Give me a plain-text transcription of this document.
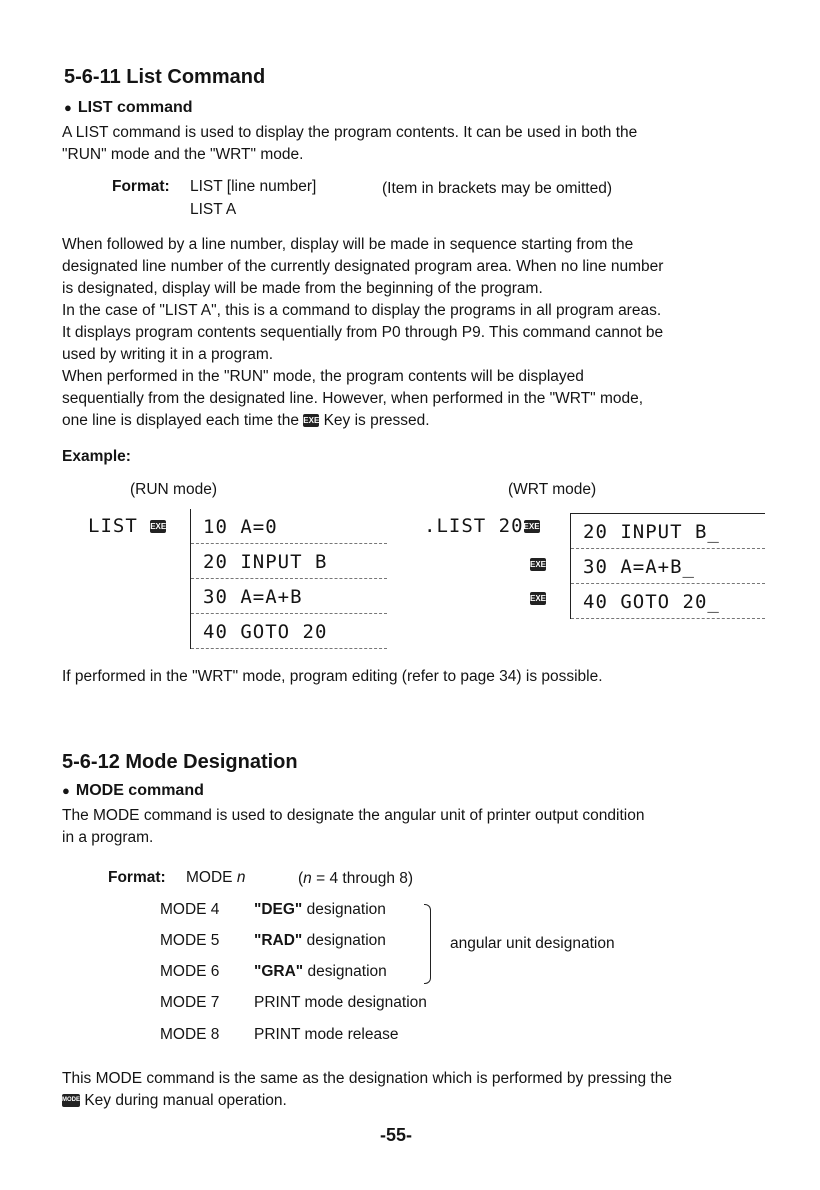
5-6-11 List Command
● LIST command

A LIST command is used to display the program contents. It can be used in both the

"RUN" mode and the "WRT" mode.

Format: LIST [line number]	(Item in brackets may be omitted)
LIST A

When followed by a line number, display will be made in sequence starting from the

designated line number of the currently designated program area. When no line number

is designated, display will be made from the beginning of the program.

In the case of "LIST A", this is a command to display the programs in all program areas.

It displays program contents sequentially from P0 through P9. This command cannot be

used by writing it in a program.

When performed in the "RUN" mode, the program contents will be displayed

sequentially from the designated line. However, when performed in the "WRT" mode,

one line is displayed each time the EXE Key is pressed.

Example:
(RUN mode)	(WRT mode)
LIST EXE	10 A=0
20 INPUT B
30 A=A+B
40 GOTO 20
.LIST 20EXE
EXE
EXE
20 INPUT B_
30 A=A+B_
40 GOTO 20_
If performed in the "WRT" mode, program editing (refer to page 34) is possible.
5-6-12 Mode Designation
● MODE command

The MODE command is used to designate the angular unit of printer output condition

in a program.

Format: MODE n	(n = 4 through 8)
MODE 4 "DEG" designation
MODE 5 "RAD" designation
MODE 6 "GRA" designation
angular unit designation
MODE 7 PRINT mode designation
MODE 8 PRINT mode release

This MODE command is the same as the designation which is performed by pressing the

MODE Key during manual operation.

-55-
